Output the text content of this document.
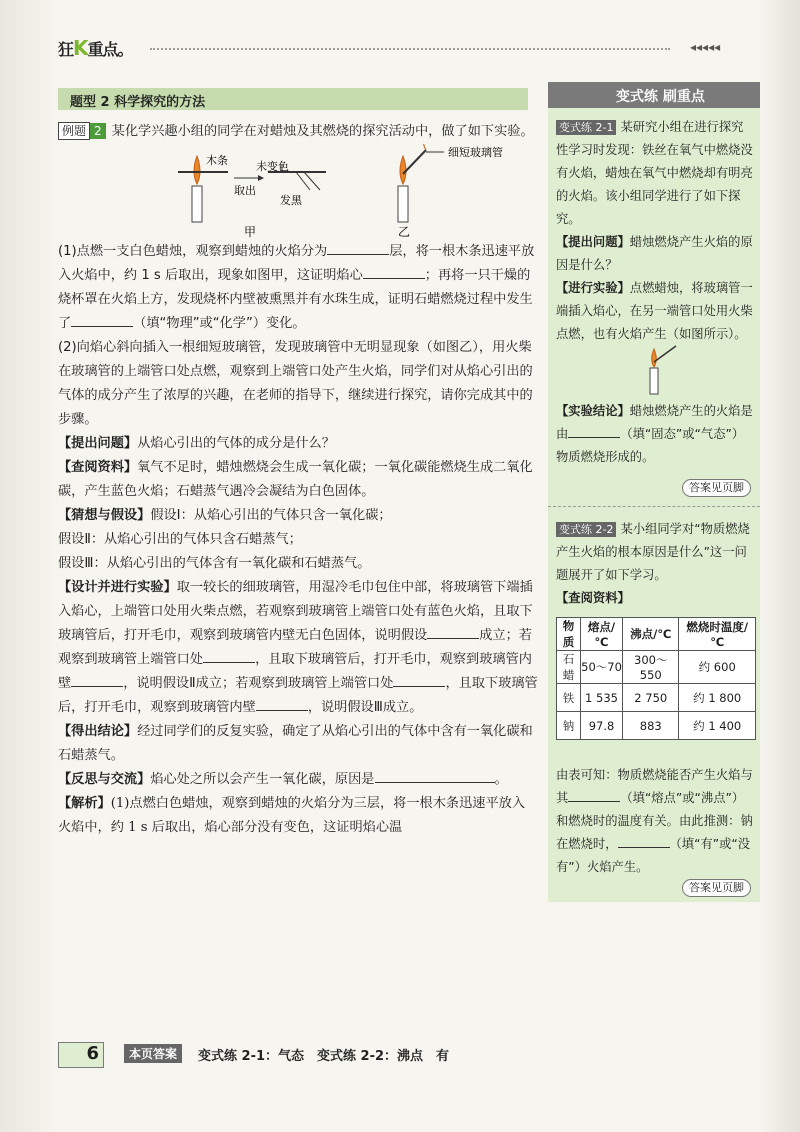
狂K重点。	◂◂◂◂◂
题型 2 科学探究的方法

例题 2 某化学兴趣小组的同学在对蜡烛及其燃烧的探究活动中，做了如下实验。

木条	未变色
取出
发黑
细短玻璃管
甲	乙

(1)点燃一支白色蜡烛，观察到蜡烛的火焰分为	层，将一根木条迅速平放入火焰中，约 1 s 后取出，现象如图甲，这证明焰心	；再将一只干燥的烧杯罩在火焰上方，发现烧杯内壁被熏黑并有水珠生成，证明石蜡燃烧过程中发生了	（填“物理”或“化学”）变化。

(2)向焰心斜向插入一根细短玻璃管，发现玻璃管中无明显现象（如图乙），用火柴在玻璃管的上端管口处点燃，观察到上端管口处产生火焰，同学们对从焰心引出的气体的成分产生了浓厚的兴趣，在老师的指导下，继续进行探究，请你完成其中的步骤。

【提出问题】从焰心引出的气体的成分是什么？

【查阅资料】氧气不足时，蜡烛燃烧会生成一氧化碳；一氧化碳能燃烧生成二氧化碳，产生蓝色火焰；石蜡蒸气遇冷会凝结为白色固体。

【猜想与假设】假设Ⅰ：从焰心引出的气体只含一氧化碳；

假设Ⅱ：从焰心引出的气体只含石蜡蒸气；

假设Ⅲ：从焰心引出的气体含有一氧化碳和石蜡蒸气。

【设计并进行实验】取一较长的细玻璃管，用湿冷毛巾包住中部，将玻璃管下端插入焰心，上端管口处用火柴点燃，若观察到玻璃管上端管口处有蓝色火焰，且取下玻璃管后，打开毛巾，观察到玻璃管内壁无白色固体，说明假设	成立；若观察到玻璃管上端管口处	，且取下玻璃管后，打开毛巾，观察到玻璃管内壁	，说明假设Ⅱ成立；若观察到玻璃管上端管口处	，且取下玻璃管后，打开毛巾，观察到玻璃管内壁	，说明假设Ⅲ成立。

【得出结论】经过同学们的反复实验，确定了从焰心引出的气体中含有一氧化碳和石蜡蒸气。

【反思与交流】焰心处之所以会产生一氧化碳，原因是	。

【解析】(1)点燃白色蜡烛，观察到蜡烛的火焰分为三层，将一根木条迅速平放入火焰中，约 1 s 后取出，焰心部分没有变色，这证明焰心温

变式练 刷重点
变式练 2-1 某研究小组在进行探究性学习时发现：铁丝在氧气中燃烧没有火焰，蜡烛在氧气中燃烧却有明亮的火焰。该小组同学进行了如下探究。
【提出问题】蜡烛燃烧产生火焰的原因是什么？
【进行实验】点燃蜡烛，将玻璃管一端插入焰心，在另一端管口处用火柴点燃，也有火焰产生（如图所示）。
【实验结论】蜡烛燃烧产生的火焰是由	（填“固态”或“气态”）物质燃烧形成的。
答案见页脚
变式练 2-2 某小组同学对“物质燃烧产生火焰的根本原因是什么”这一问题展开了如下学习。
【查阅资料】
物质	熔点/℃	沸点/℃	燃烧时温度/℃
石蜡	50～70	300～550	约 600
铁	1 535	2 750	约 1 800
钠	97.8	883	约 1 400
由表可知：物质燃烧能否产生火焰与其	（填“熔点”或“沸点”）和燃烧时的温度有关。由此推测：钠在燃烧时，	（填“有”或“没有”）火焰产生。
答案见页脚
6	本页答案	变式练 2-1：气态　变式练 2-2：沸点　有
